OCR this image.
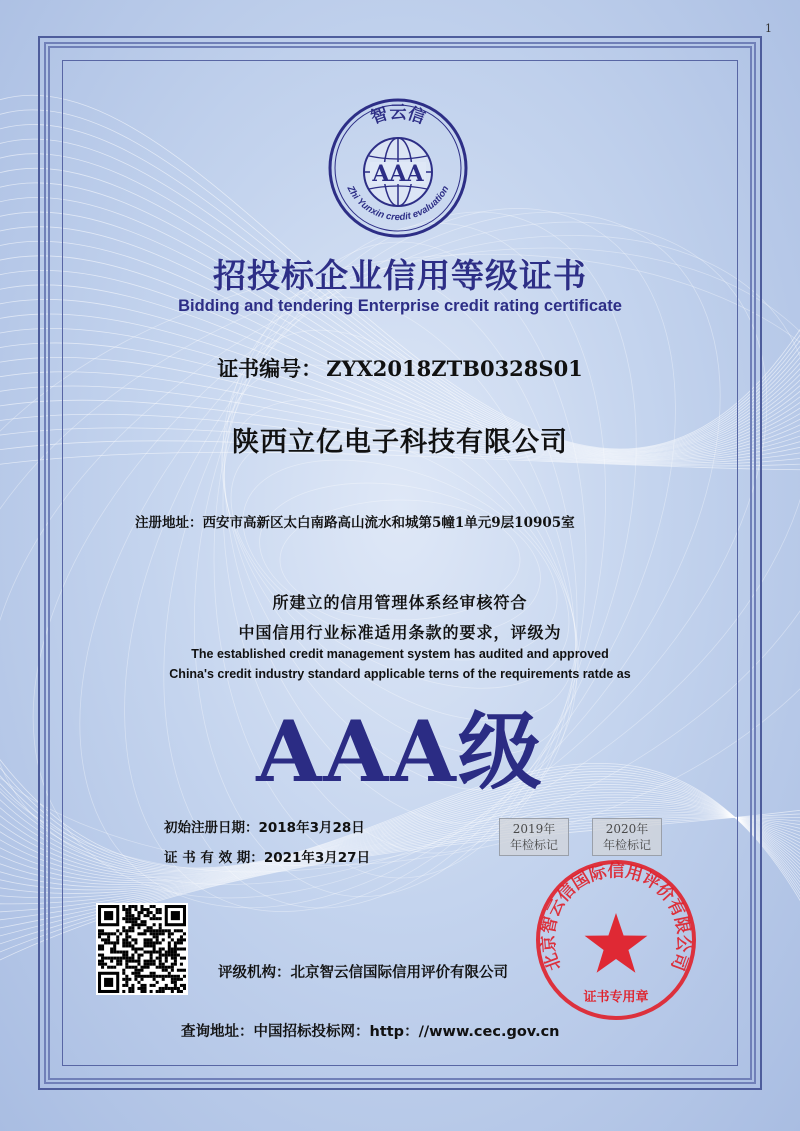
1
智云信
AAA
Zhi Yunxin credit evaluation
招投标企业信用等级证书
Bidding and tendering Enterprise credit rating certificate
证书编号： ZYX2018ZTB0328S01
陕西立亿电子科技有限公司
注册地址：西安市高新区太白南路高山流水和城第5幢1单元9层10905室
所建立的信用管理体系经审核符合
中国信用行业标准适用条款的要求，评级为
The established credit management system has audited and approved
China's credit industry standard applicable terns of the requirements ratde as
AAA级
初始注册日期：2018年3月28日
证 书 有 效 期：2021年3月27日
2019年
年检标记
2020年
年检标记
北京智云信国际信用评价有限公司
证书专用章
评级机构：北京智云信国际信用评价有限公司
查询地址：中国招标投标网：http：//www.cec.gov.cn
